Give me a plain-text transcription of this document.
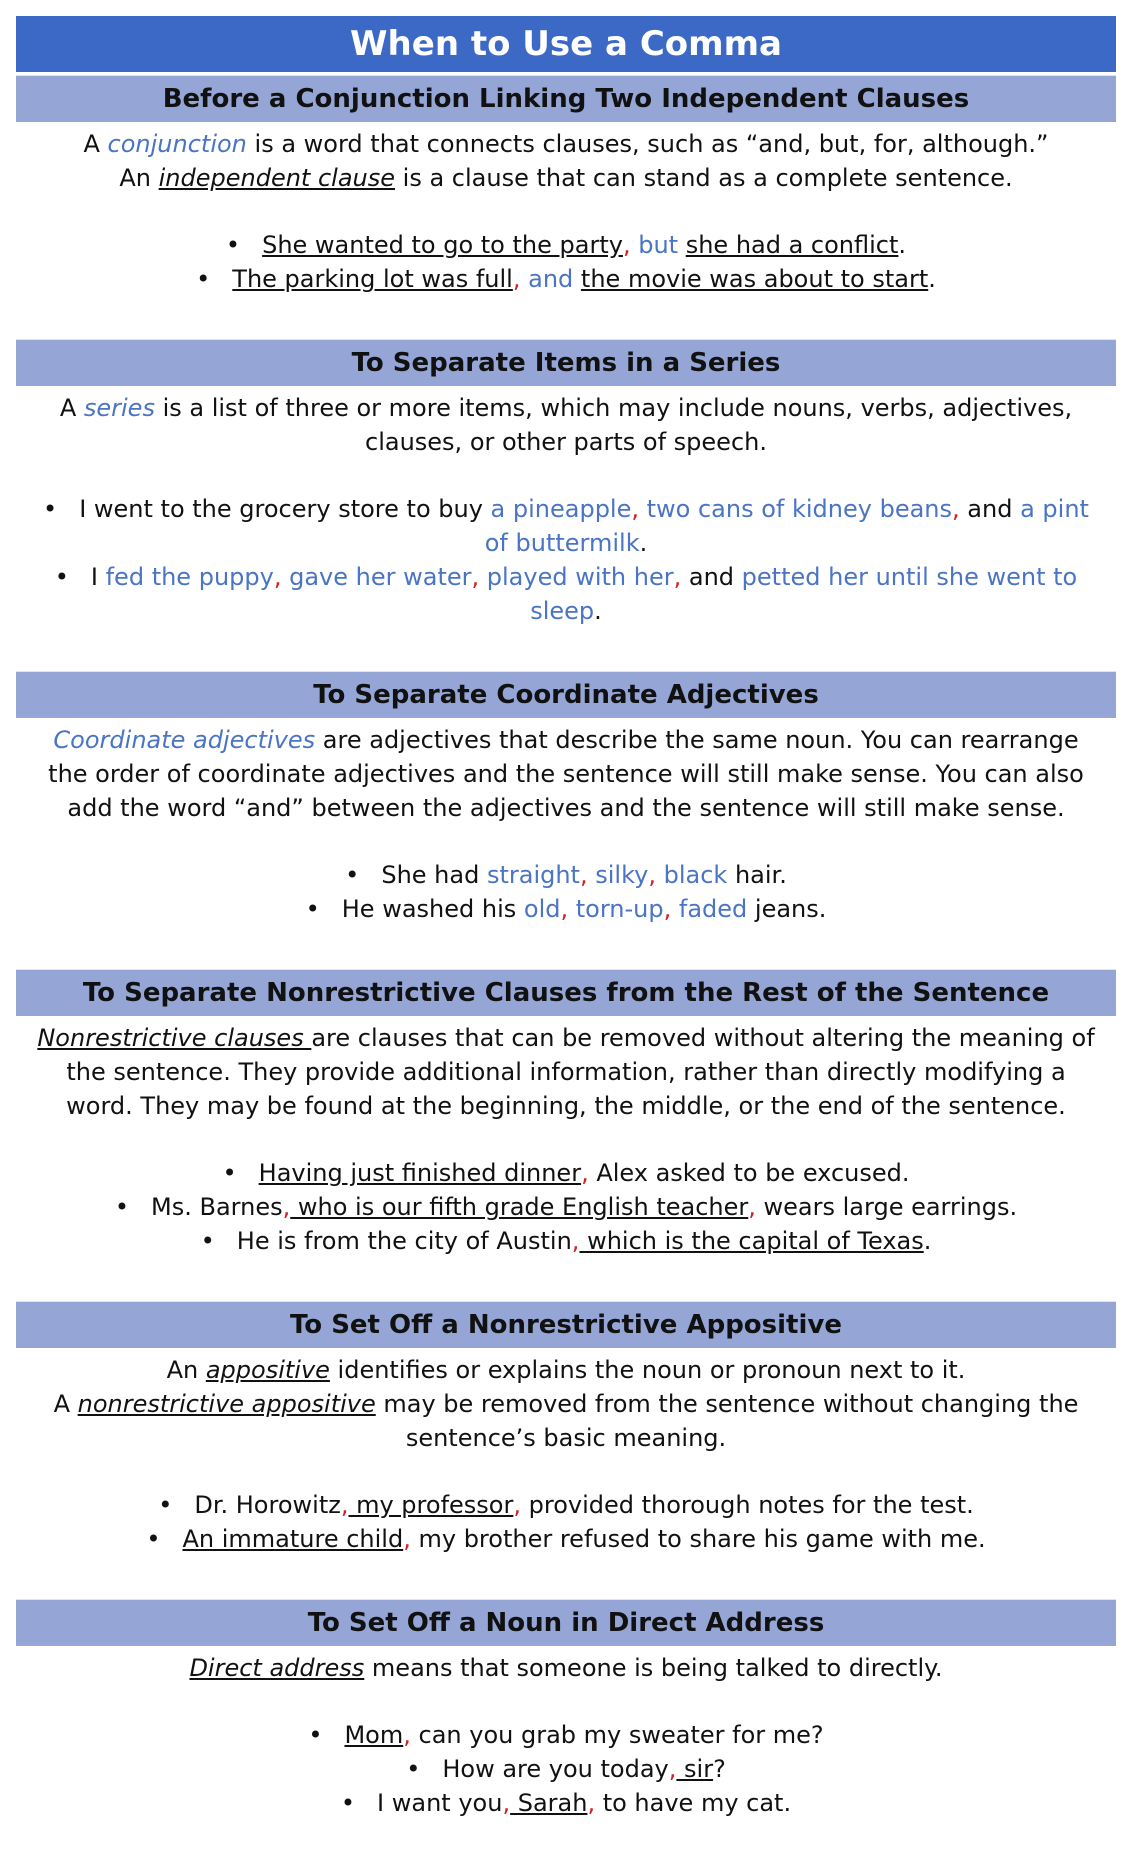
When to Use a Comma
Before a Conjunction Linking Two Independent Clauses

A conjunction is a word that connects clauses, such as “and, but, for, although.”

An independent clause is a clause that can stand as a complete sentence.

• She wanted to go to the party, but she had a conflict.
• The parking lot was full, and the movie was about to start.
To Separate Items in a Series

A series is a list of three or more items, which may include nouns, verbs, adjectives, clauses, or other parts of speech.

• I went to the grocery store to buy a pineapple, two cans of kidney beans, and a pint of buttermilk.
• I fed the puppy, gave her water, played with her, and petted her until she went to sleep.
To Separate Coordinate Adjectives

Coordinate adjectives are adjectives that describe the same noun. You can rearrange the order of coordinate adjectives and the sentence will still make sense. You can also add the word “and” between the adjectives and the sentence will still make sense.

• She had straight, silky, black hair.
• He washed his old, torn-up, faded jeans.
To Separate Nonrestrictive Clauses from the Rest of the Sentence

Nonrestrictive clauses are clauses that can be removed without altering the meaning of the sentence. They provide additional information, rather than directly modifying a word. They may be found at the beginning, the middle, or the end of the sentence.

• Having just finished dinner, Alex asked to be excused.
• Ms. Barnes, who is our fifth grade English teacher, wears large earrings.
• He is from the city of Austin, which is the capital of Texas.
To Set Off a Nonrestrictive Appositive

An appositive identifies or explains the noun or pronoun next to it.

A nonrestrictive appositive may be removed from the sentence without changing the sentence’s basic meaning.

• Dr. Horowitz, my professor, provided thorough notes for the test.
• An immature child, my brother refused to share his game with me.
To Set Off a Noun in Direct Address

Direct address means that someone is being talked to directly.

• Mom, can you grab my sweater for me?
• How are you today, sir?
• I want you, Sarah, to have my cat.
